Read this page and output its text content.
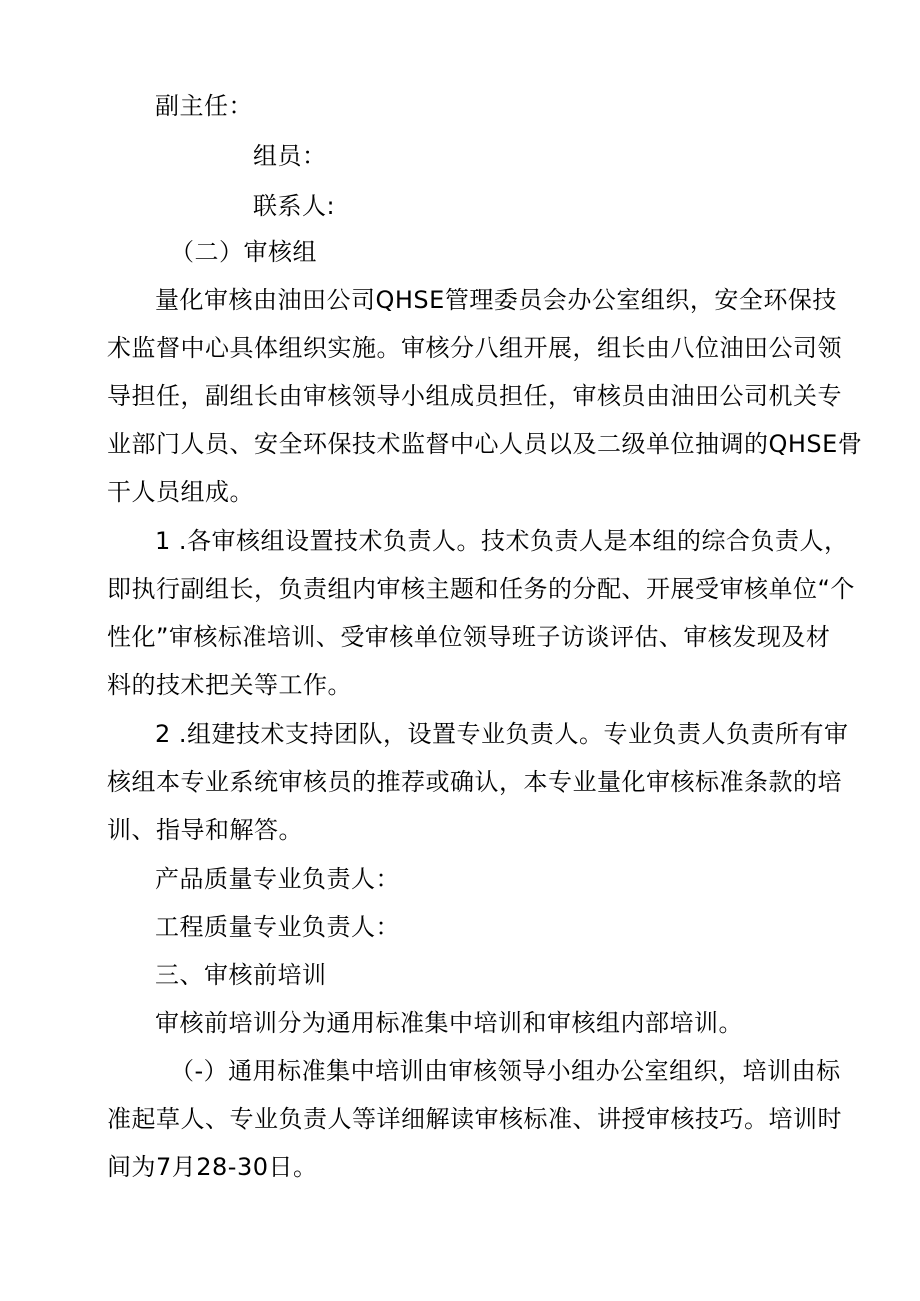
副主任：
组员：
联系人:
（二）审核组
量化审核由油田公司QHSE管理委员会办公室组织，安全环保技
术监督中心具体组织实施。审核分八组开展，组长由八位油田公司领
导担任，副组长由审核领导小组成员担任，审核员由油田公司机关专
业部门人员、安全环保技术监督中心人员以及二级单位抽调的QHSE骨
干人员组成。
1 .各审核组设置技术负责人。技术负责人是本组的综合负责人，
即执行副组长，负责组内审核主题和任务的分配、开展受审核单位“个
性化”审核标准培训、受审核单位领导班子访谈评估、审核发现及材
料的技术把关等工作。
2 .组建技术支持团队，设置专业负责人。专业负责人负责所有审
核组本专业系统审核员的推荐或确认，本专业量化审核标准条款的培
训、指导和解答。
产品质量专业负责人：
工程质量专业负责人：
三、审核前培训
审核前培训分为通用标准集中培训和审核组内部培训。
（-）通用标准集中培训由审核领导小组办公室组织，培训由标
准起草人、专业负责人等详细解读审核标准、讲授审核技巧。培训时
间为7月28-30日。
